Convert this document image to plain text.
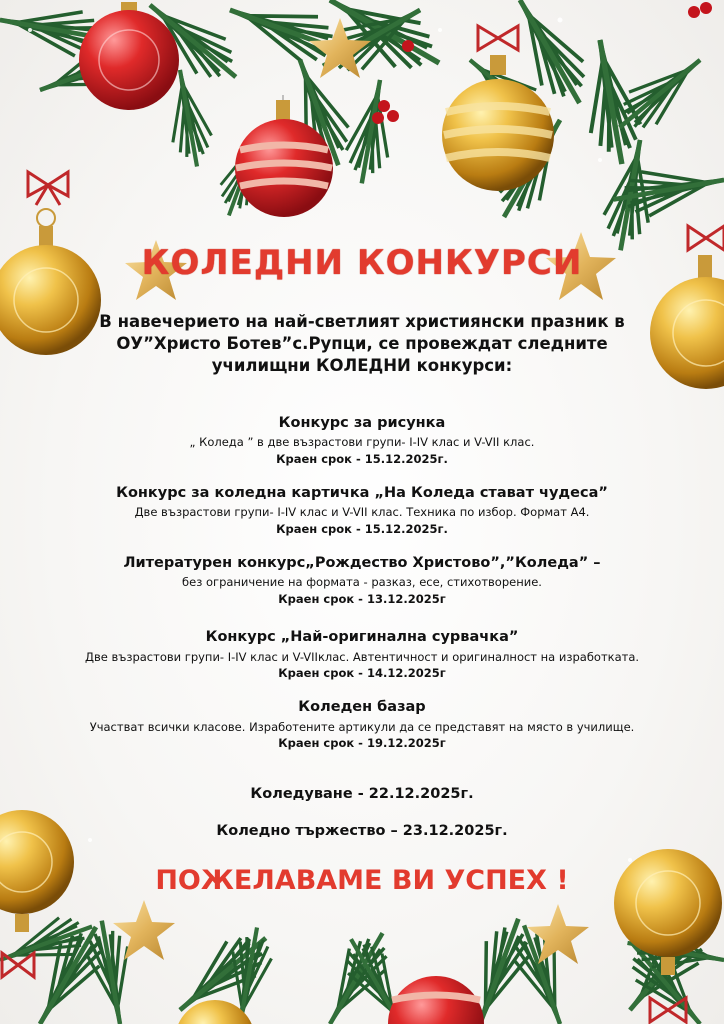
КОЛЕДНИ КОНКУРСИ
В навечерието на най-светлият християнски празник в ОУ”Христо Ботев”с.Рупци, се провеждат следните училищни КОЛЕДНИ конкурси:
Конкурс за рисунка
„ Коледа ” в две възрастови групи- I-IV клас и V-VII клас.
Краен срок - 15.12.2025г.
Конкурс за коледна картичка „На Коледа стават чудеса”
Две възрастови групи- I-IV клас и V-VII клас. Техника по избор. Формат А4.
Краен срок - 15.12.2025г.
Литературен конкурс„Рождество Христово”,”Коледа” –
без ограничение на формата - разказ, есе, стихотворение.
Краен срок - 13.12.2025г
Конкурс „Най-оригинална сурвачка”
Две възрастови групи- I-IV клас и V-VIIклас. Автентичност и оригиналност на изработката.
Краен срок - 14.12.2025г
Коледен базар
Участват всички класове. Изработените артикули да се представят на място в училище.
Краен срок - 19.12.2025г
Коледуване - 22.12.2025г.
Коледно тържество – 23.12.2025г.
ПОЖЕЛАВАМЕ ВИ УСПЕХ !
